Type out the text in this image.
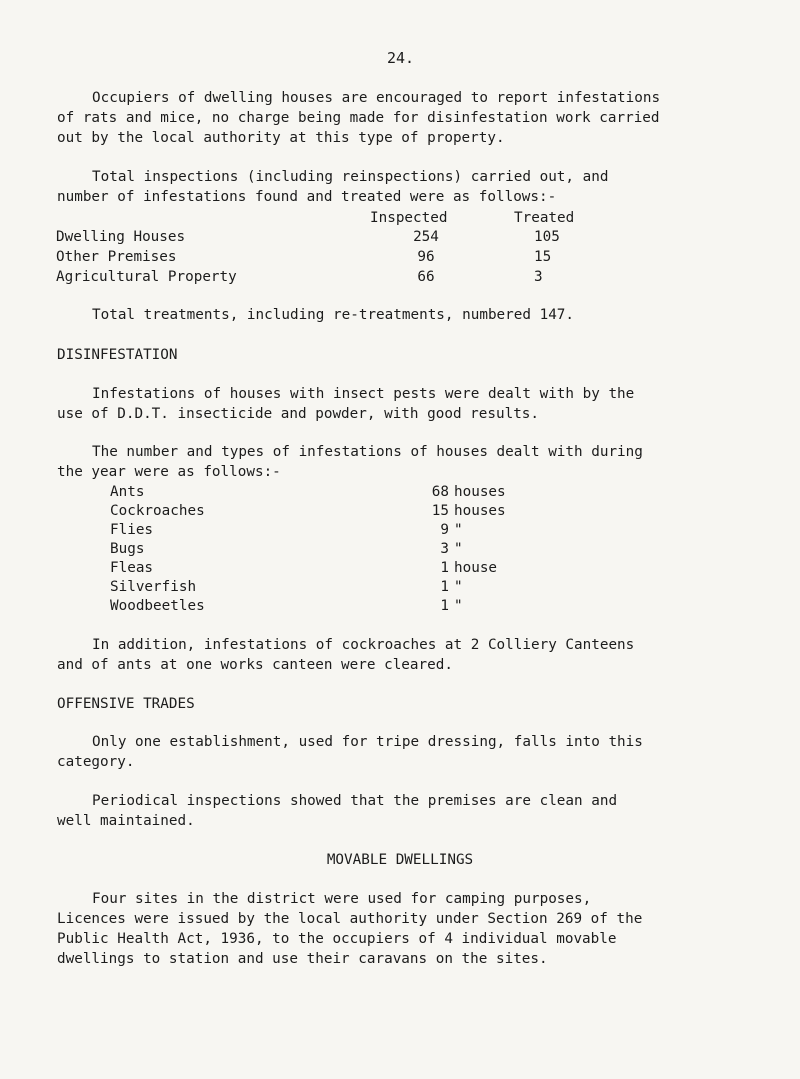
24.
Occupiers of dwelling houses are encouraged to report infestations
of rats and mice, no charge being made for disinfestation work carried
out by the local authority at this type of property.
Total inspections (including reinspections) carried out, and
number of infestations found and treated were as follows:-
Inspected	Treated
Dwelling Houses	254	105
Other Premises	96	15
Agricultural Property	66	3
Total treatments, including re-treatments, numbered 147.
DISINFESTATION
Infestations of houses with insect pests were dealt with by the
use of D.D.T. insecticide and powder, with good results.
The number and types of infestations of houses dealt with during
the year were as follows:-
Ants	68 houses
Cockroaches	15 houses
Flies	9 "
Bugs	3 "
Fleas	1 house
Silverfish	1 "
Woodbeetles	1 "
In addition, infestations of cockroaches at 2 Colliery Canteens
and of ants at one works canteen were cleared.
OFFENSIVE TRADES
Only one establishment, used for tripe dressing, falls into this
category.
Periodical inspections showed that the premises are clean and
well maintained.
MOVABLE DWELLINGS
Four sites in the district were used for camping purposes,
Licences were issued by the local authority under Section 269 of the
Public Health Act, 1936, to the occupiers of 4 individual movable
dwellings to station and use their caravans on the sites.
